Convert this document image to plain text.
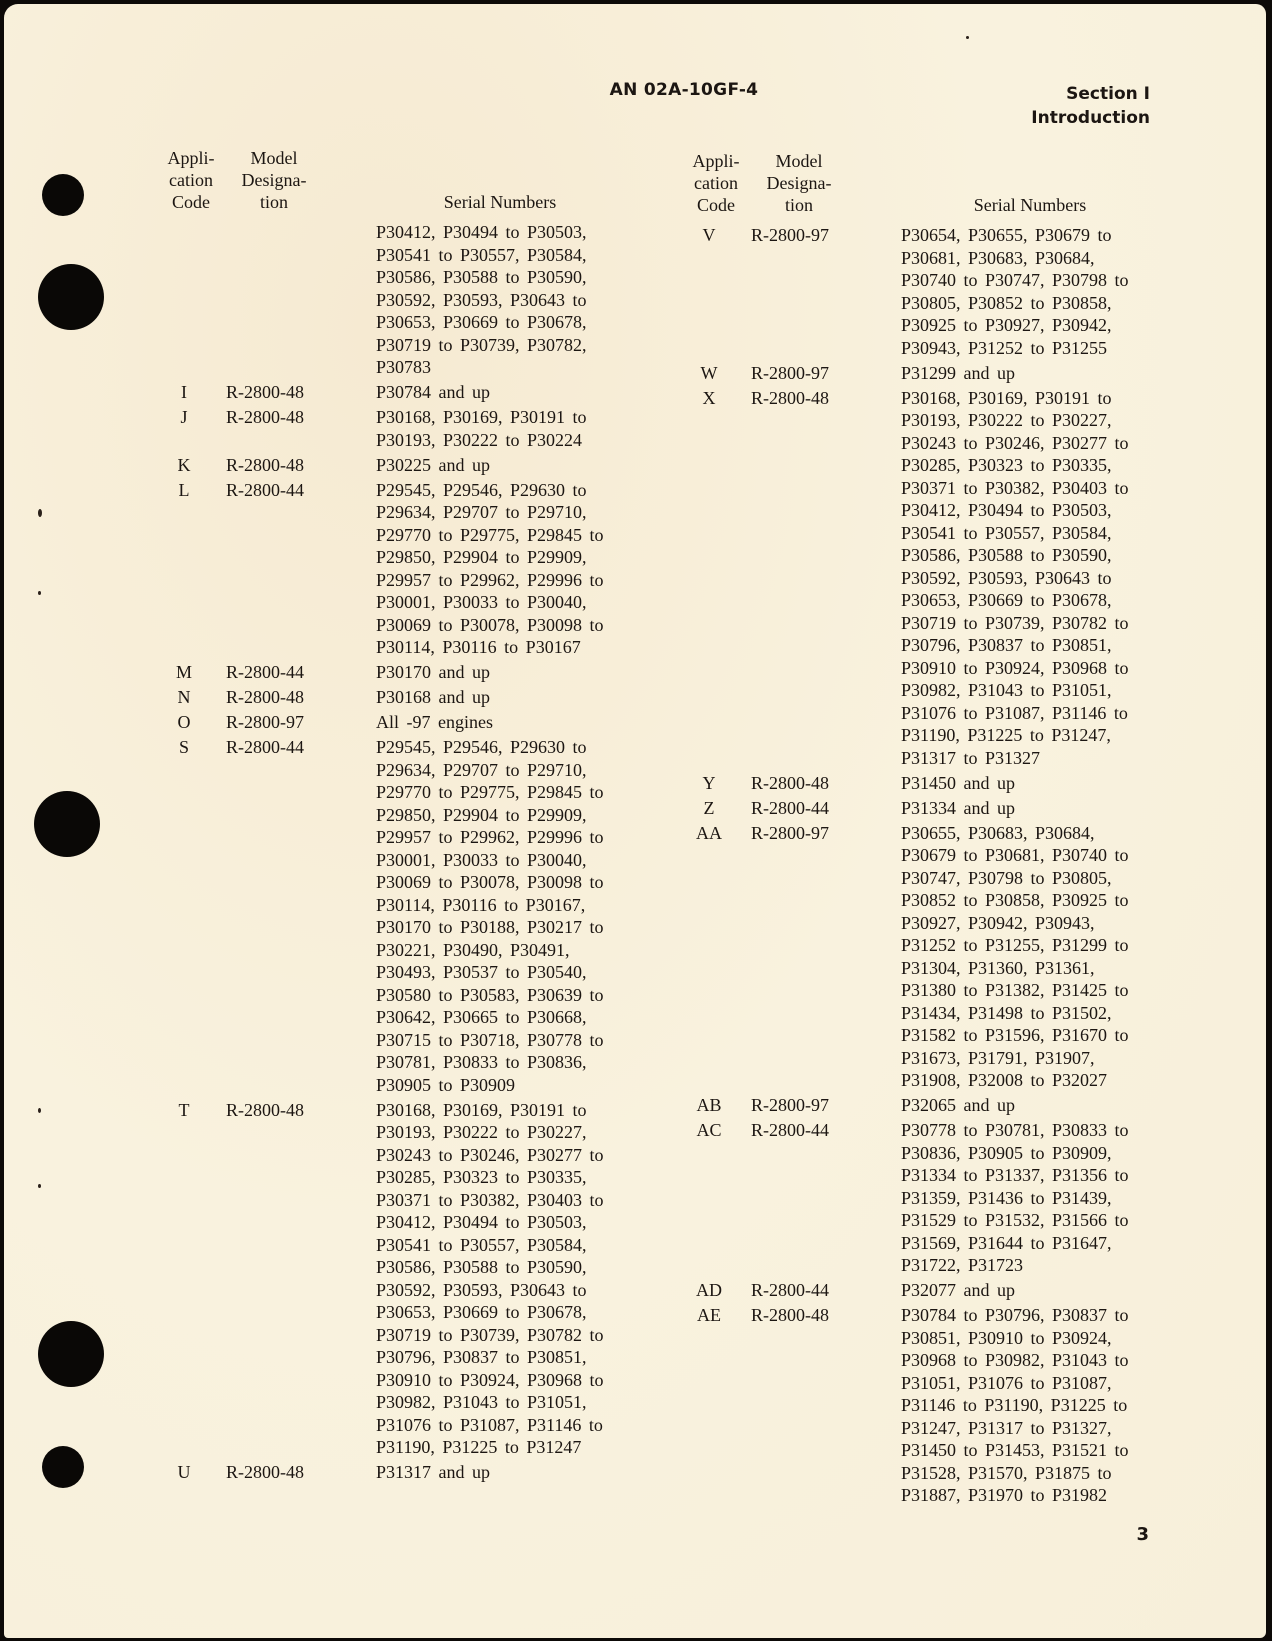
AN 02A-10GF-4	Section I
Introduction
Appli-
cation
Code
Model
Designa-
tion	Serial Numbers
P30412, P30494 to P30503,
P30541 to P30557, P30584,
P30586, P30588 to P30590,
P30592, P30593, P30643 to
P30653, P30669 to P30678,
P30719 to P30739, P30782,
P30783
I	R-2800-48	P30784 and up
J	R-2800-48	P30168, P30169, P30191 to
P30193, P30222 to P30224
K	R-2800-48	P30225 and up
L	R-2800-44	P29545, P29546, P29630 to
P29634, P29707 to P29710,
P29770 to P29775, P29845 to
P29850, P29904 to P29909,
P29957 to P29962, P29996 to
P30001, P30033 to P30040,
P30069 to P30078, P30098 to
P30114, P30116 to P30167
M	R-2800-44	P30170 and up
N	R-2800-48	P30168 and up
O	R-2800-97	All -97 engines
S	R-2800-44	P29545, P29546, P29630 to
P29634, P29707 to P29710,
P29770 to P29775, P29845 to
P29850, P29904 to P29909,
P29957 to P29962, P29996 to
P30001, P30033 to P30040,
P30069 to P30078, P30098 to
P30114, P30116 to P30167,
P30170 to P30188, P30217 to
P30221, P30490, P30491,
P30493, P30537 to P30540,
P30580 to P30583, P30639 to
P30642, P30665 to P30668,
P30715 to P30718, P30778 to
P30781, P30833 to P30836,
P30905 to P30909
T	R-2800-48	P30168, P30169, P30191 to
P30193, P30222 to P30227,
P30243 to P30246, P30277 to
P30285, P30323 to P30335,
P30371 to P30382, P30403 to
P30412, P30494 to P30503,
P30541 to P30557, P30584,
P30586, P30588 to P30590,
P30592, P30593, P30643 to
P30653, P30669 to P30678,
P30719 to P30739, P30782 to
P30796, P30837 to P30851,
P30910 to P30924, P30968 to
P30982, P31043 to P31051,
P31076 to P31087, P31146 to
P31190, P31225 to P31247
U	R-2800-48	P31317 and up
Appli-
cation
Code
Model
Designa-
tion	Serial Numbers
V	R-2800-97	P30654, P30655, P30679 to
P30681, P30683, P30684,
P30740 to P30747, P30798 to
P30805, P30852 to P30858,
P30925 to P30927, P30942,
P30943, P31252 to P31255
W	R-2800-97	P31299 and up
X	R-2800-48	P30168, P30169, P30191 to
P30193, P30222 to P30227,
P30243 to P30246, P30277 to
P30285, P30323 to P30335,
P30371 to P30382, P30403 to
P30412, P30494 to P30503,
P30541 to P30557, P30584,
P30586, P30588 to P30590,
P30592, P30593, P30643 to
P30653, P30669 to P30678,
P30719 to P30739, P30782 to
P30796, P30837 to P30851,
P30910 to P30924, P30968 to
P30982, P31043 to P31051,
P31076 to P31087, P31146 to
P31190, P31225 to P31247,
P31317 to P31327
Y	R-2800-48	P31450 and up
Z	R-2800-44	P31334 and up
AA	R-2800-97	P30655, P30683, P30684,
P30679 to P30681, P30740 to
P30747, P30798 to P30805,
P30852 to P30858, P30925 to
P30927, P30942, P30943,
P31252 to P31255, P31299 to
P31304, P31360, P31361,
P31380 to P31382, P31425 to
P31434, P31498 to P31502,
P31582 to P31596, P31670 to
P31673, P31791, P31907,
P31908, P32008 to P32027
AB	R-2800-97	P32065 and up
AC	R-2800-44	P30778 to P30781, P30833 to
P30836, P30905 to P30909,
P31334 to P31337, P31356 to
P31359, P31436 to P31439,
P31529 to P31532, P31566 to
P31569, P31644 to P31647,
P31722, P31723
AD	R-2800-44	P32077 and up
AE	R-2800-48	P30784 to P30796, P30837 to
P30851, P30910 to P30924,
P30968 to P30982, P31043 to
P31051, P31076 to P31087,
P31146 to P31190, P31225 to
P31247, P31317 to P31327,
P31450 to P31453, P31521 to
P31528, P31570, P31875 to
P31887, P31970 to P31982
3
